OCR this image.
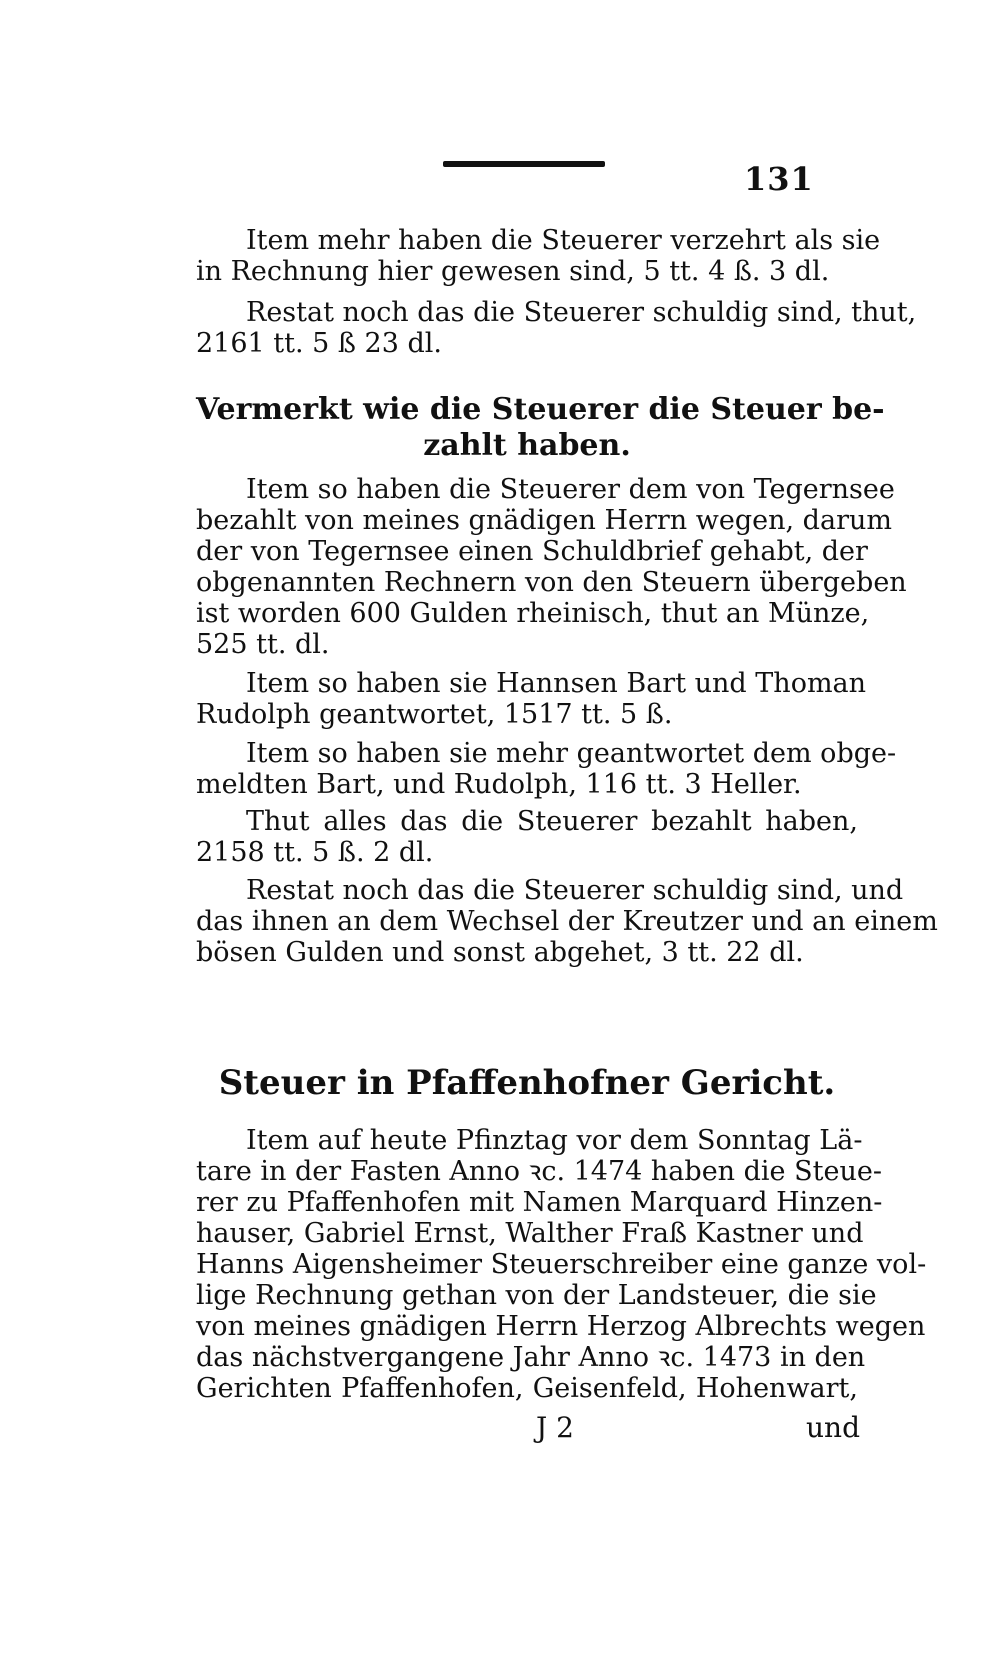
131
Item mehr haben die Steuerer verzehrt als sie
in Rechnung hier gewesen sind, 5 tt. 4 ß. 3 dl.
Restat noch das die Steuerer schuldig sind, thut,
2161 tt. 5 ß 23 dl.
Vermerkt wie die Steuerer die Steuer be-
zahlt haben.
Item so haben die Steuerer dem von Tegernsee
bezahlt von meines gnädigen Herrn wegen, darum
der von Tegernsee einen Schuldbrief gehabt, der
obgenannten Rechnern von den Steuern übergeben
ist worden 600 Gulden rheinisch, thut an Münze,
525 tt. dl.
Item so haben sie Hannsen Bart und Thoman
Rudolph geantwortet, 1517 tt. 5 ß.
Item so haben sie mehr geantwortet dem obge-
meldten Bart, und Rudolph, 116 tt. 3 Heller.
Thut alles das die Steuerer bezahlt haben,
2158 tt. 5 ß. 2 dl.
Restat noch das die Steuerer schuldig sind, und
das ihnen an dem Wechsel der Kreutzer und an einem
bösen Gulden und sonst abgehet, 3 tt. 22 dl.
Steuer in Pfaffenhofner Gericht.
Item auf heute Pfinztag vor dem Sonntag Lä-
tare in der Fasten Anno ꝛc. 1474 haben die Steue-
rer zu Pfaffenhofen mit Namen Marquard Hinzen-
hauser, Gabriel Ernst, Walther Fraß Kastner und
Hanns Aigensheimer Steuerschreiber eine ganze vol-
lige Rechnung gethan von der Landsteuer, die sie
von meines gnädigen Herrn Herzog Albrechts wegen
das nächstvergangene Jahr Anno ꝛc. 1473 in den
Gerichten Pfaffenhofen, Geisenfeld, Hohenwart,
J 2	und
